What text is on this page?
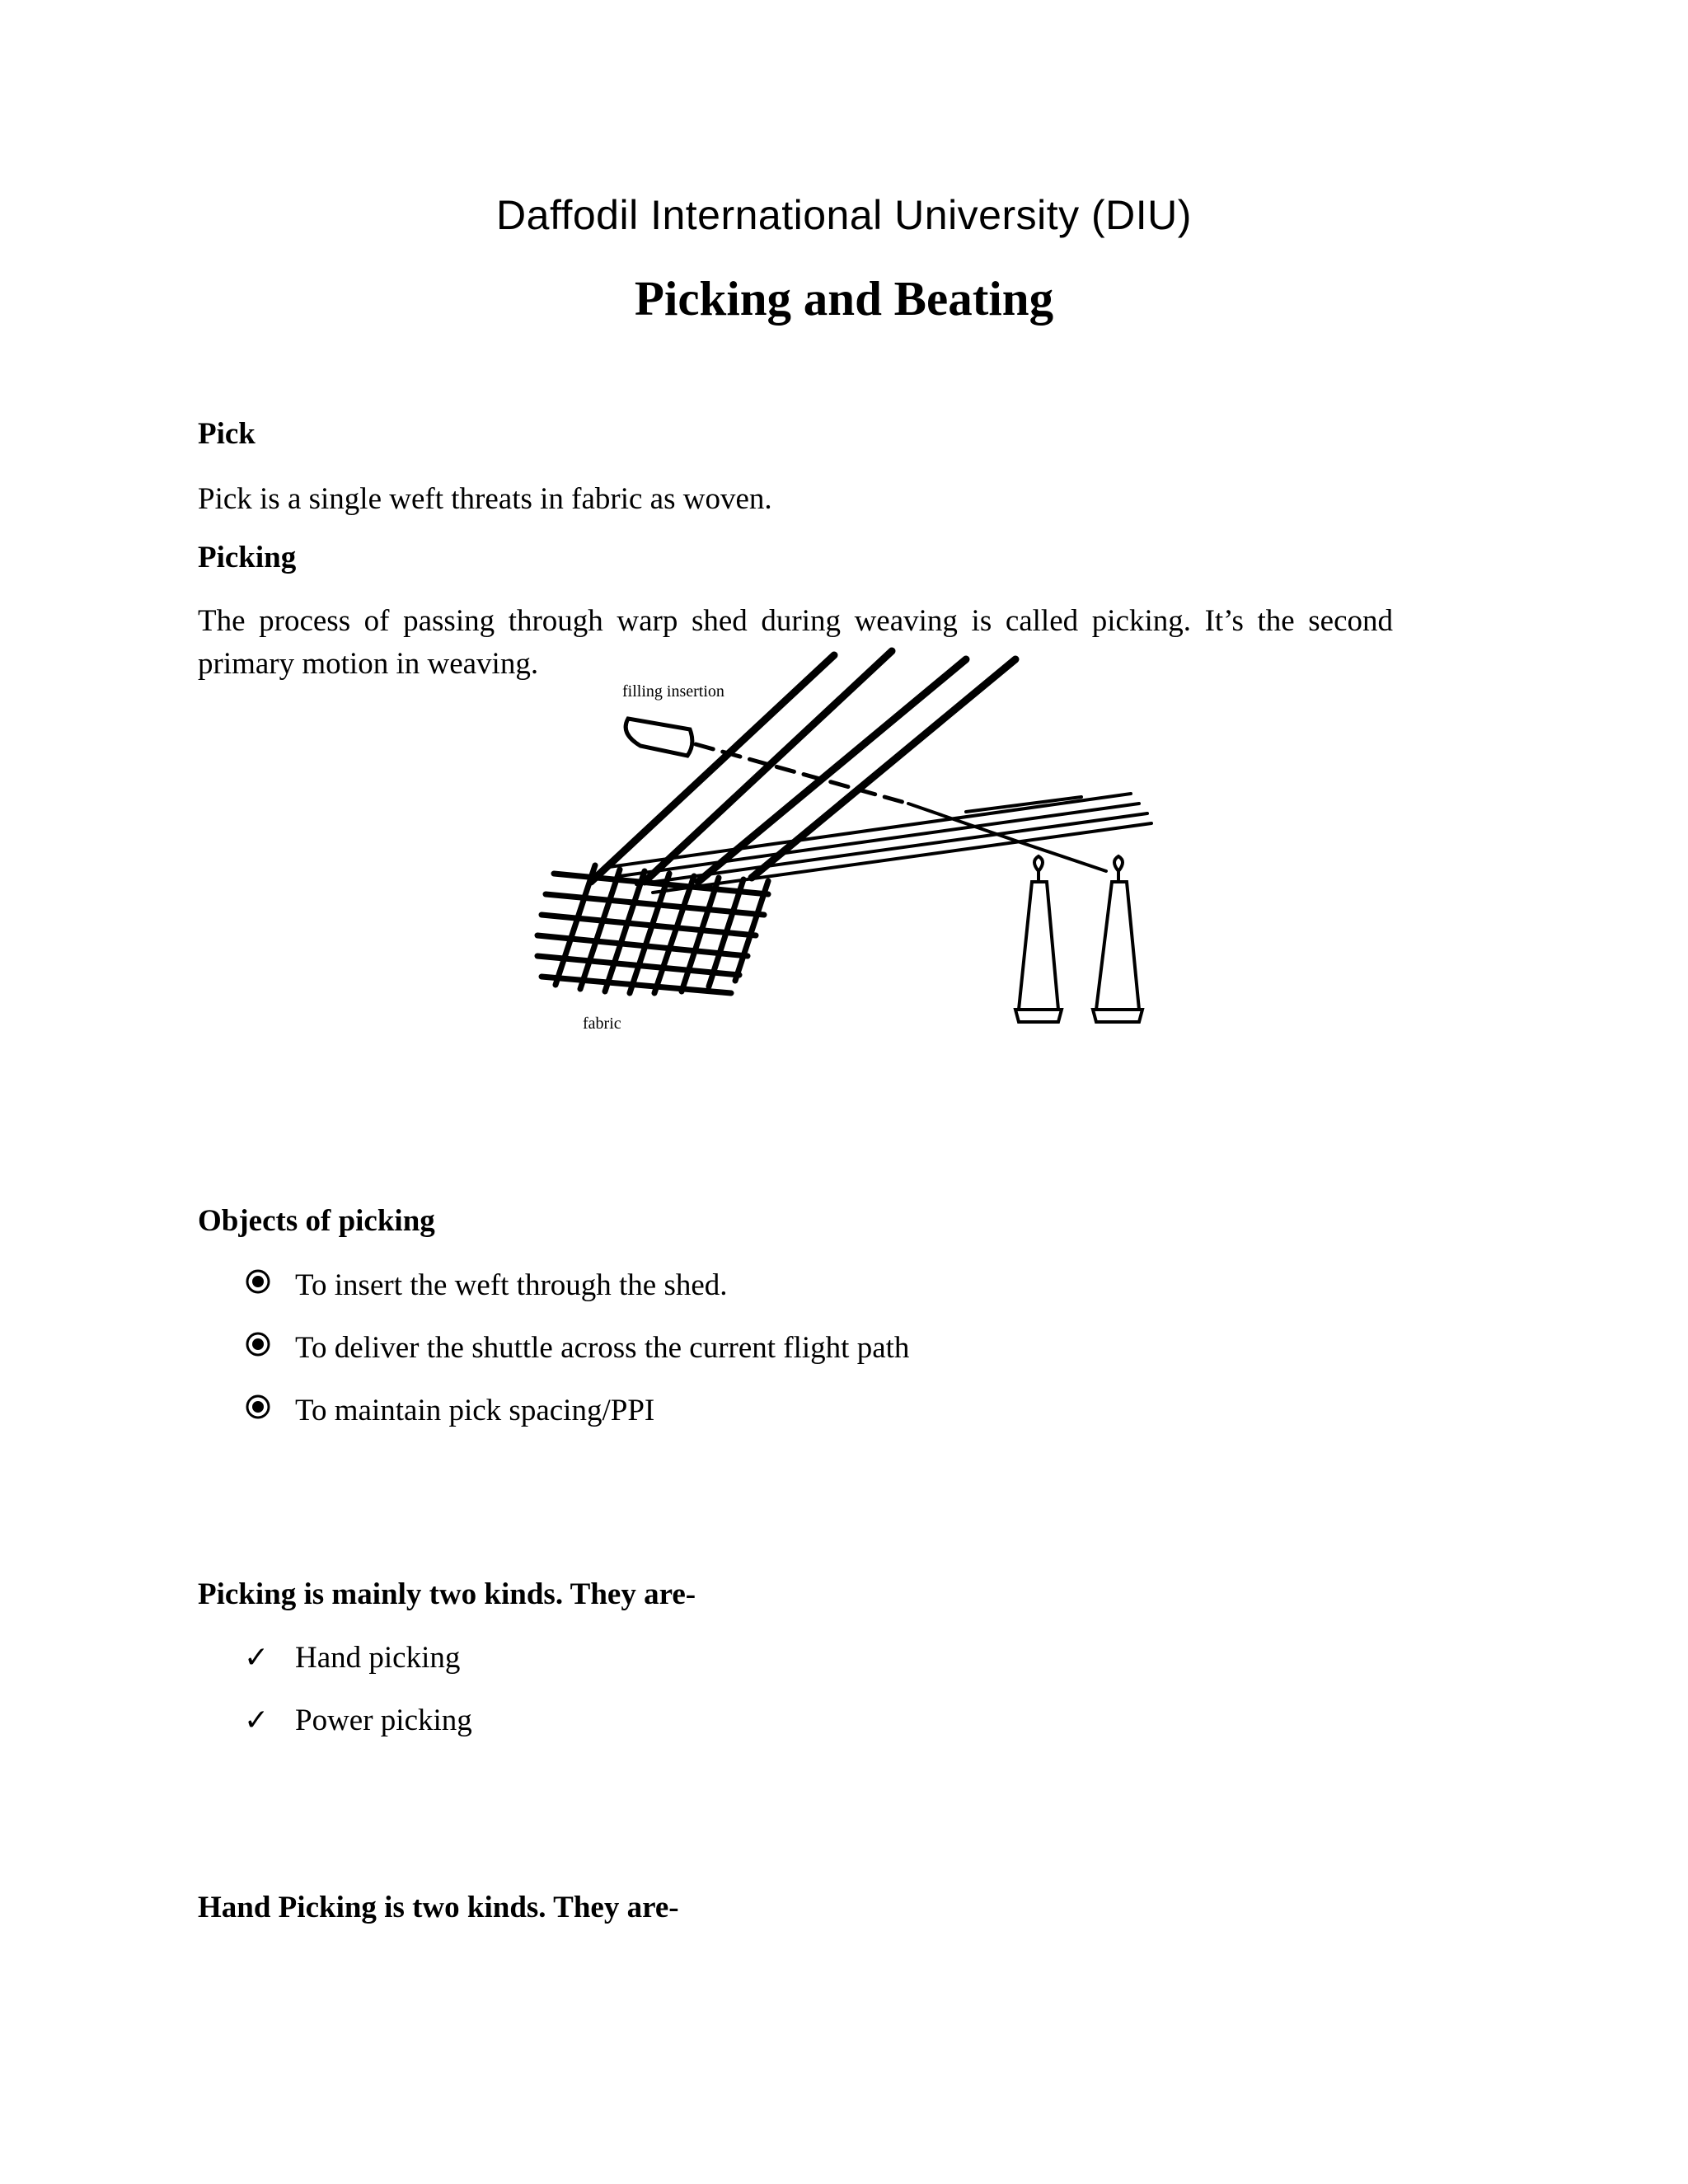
Daffodil International University (DIU)
Picking and Beating
Pick
Pick is a single weft threats in fabric as woven.
Picking
The process of passing through warp shed during weaving is called picking. It’s the second
primary motion in weaving.
filling insertion
fabric
Objects of picking
To insert the weft through the shed.
To deliver the shuttle across the current flight path
To maintain pick spacing/PPI
Picking is mainly two kinds. They are-
✓ Hand picking
✓ Power picking
Hand Picking is two kinds. They are-
